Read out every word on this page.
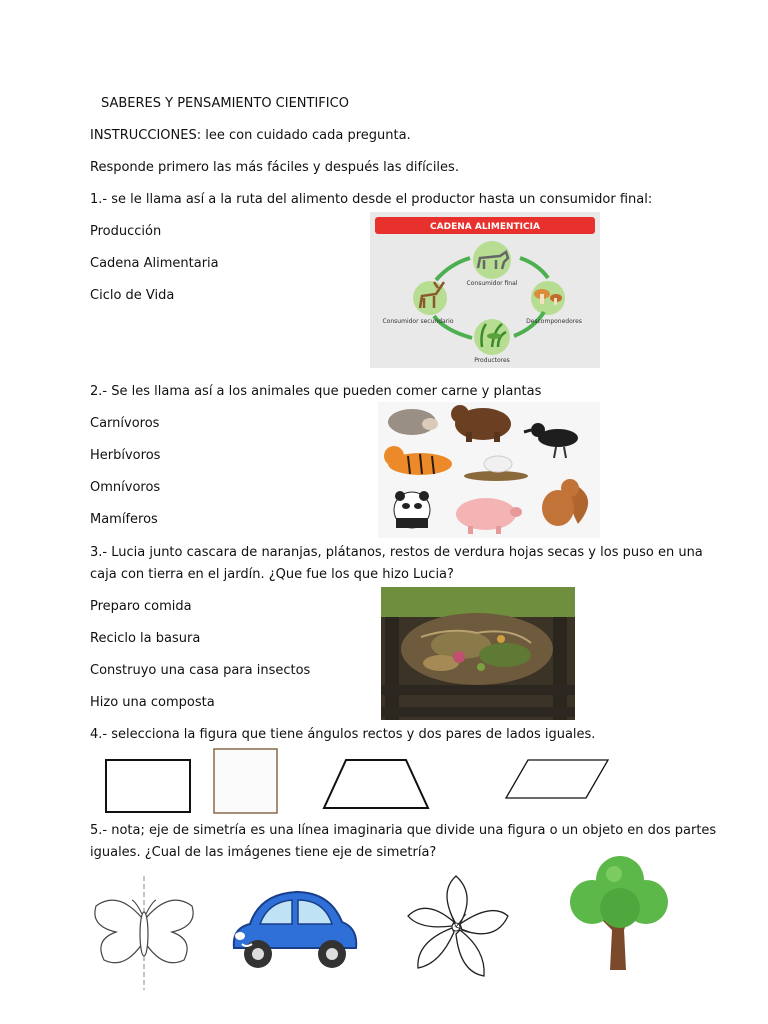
SABERES Y PENSAMIENTO CIENTIFICO
INSTRUCCIONES: lee con cuidado cada pregunta.
Responde primero las más fáciles y después las difíciles.
1.- se le llama así a la ruta del alimento desde el productor hasta un consumidor final:
Producción
Cadena Alimentaria
Ciclo de Vida
CADENA ALIMENTICIA
Consumidor final
Consumidor secundario	Descomponedores
Productores
2.- Se les llama así a los animales que pueden comer carne y plantas
Carnívoros
Herbívoros
Omnívoros
Mamíferos
3.- Lucia junto cascara de naranjas, plátanos, restos de verdura hojas secas y los puso en una
caja con tierra en el jardín. ¿Que fue los que hizo Lucia?
Preparo comida
Reciclo la basura
Construyo una casa para insectos
Hizo una composta
4.- selecciona la figura que tiene ángulos rectos y dos pares de lados iguales.
5.- nota; eje de simetría es una línea imaginaria que divide una figura o un objeto en dos partes
iguales. ¿Cual de las imágenes tiene eje de simetría?
